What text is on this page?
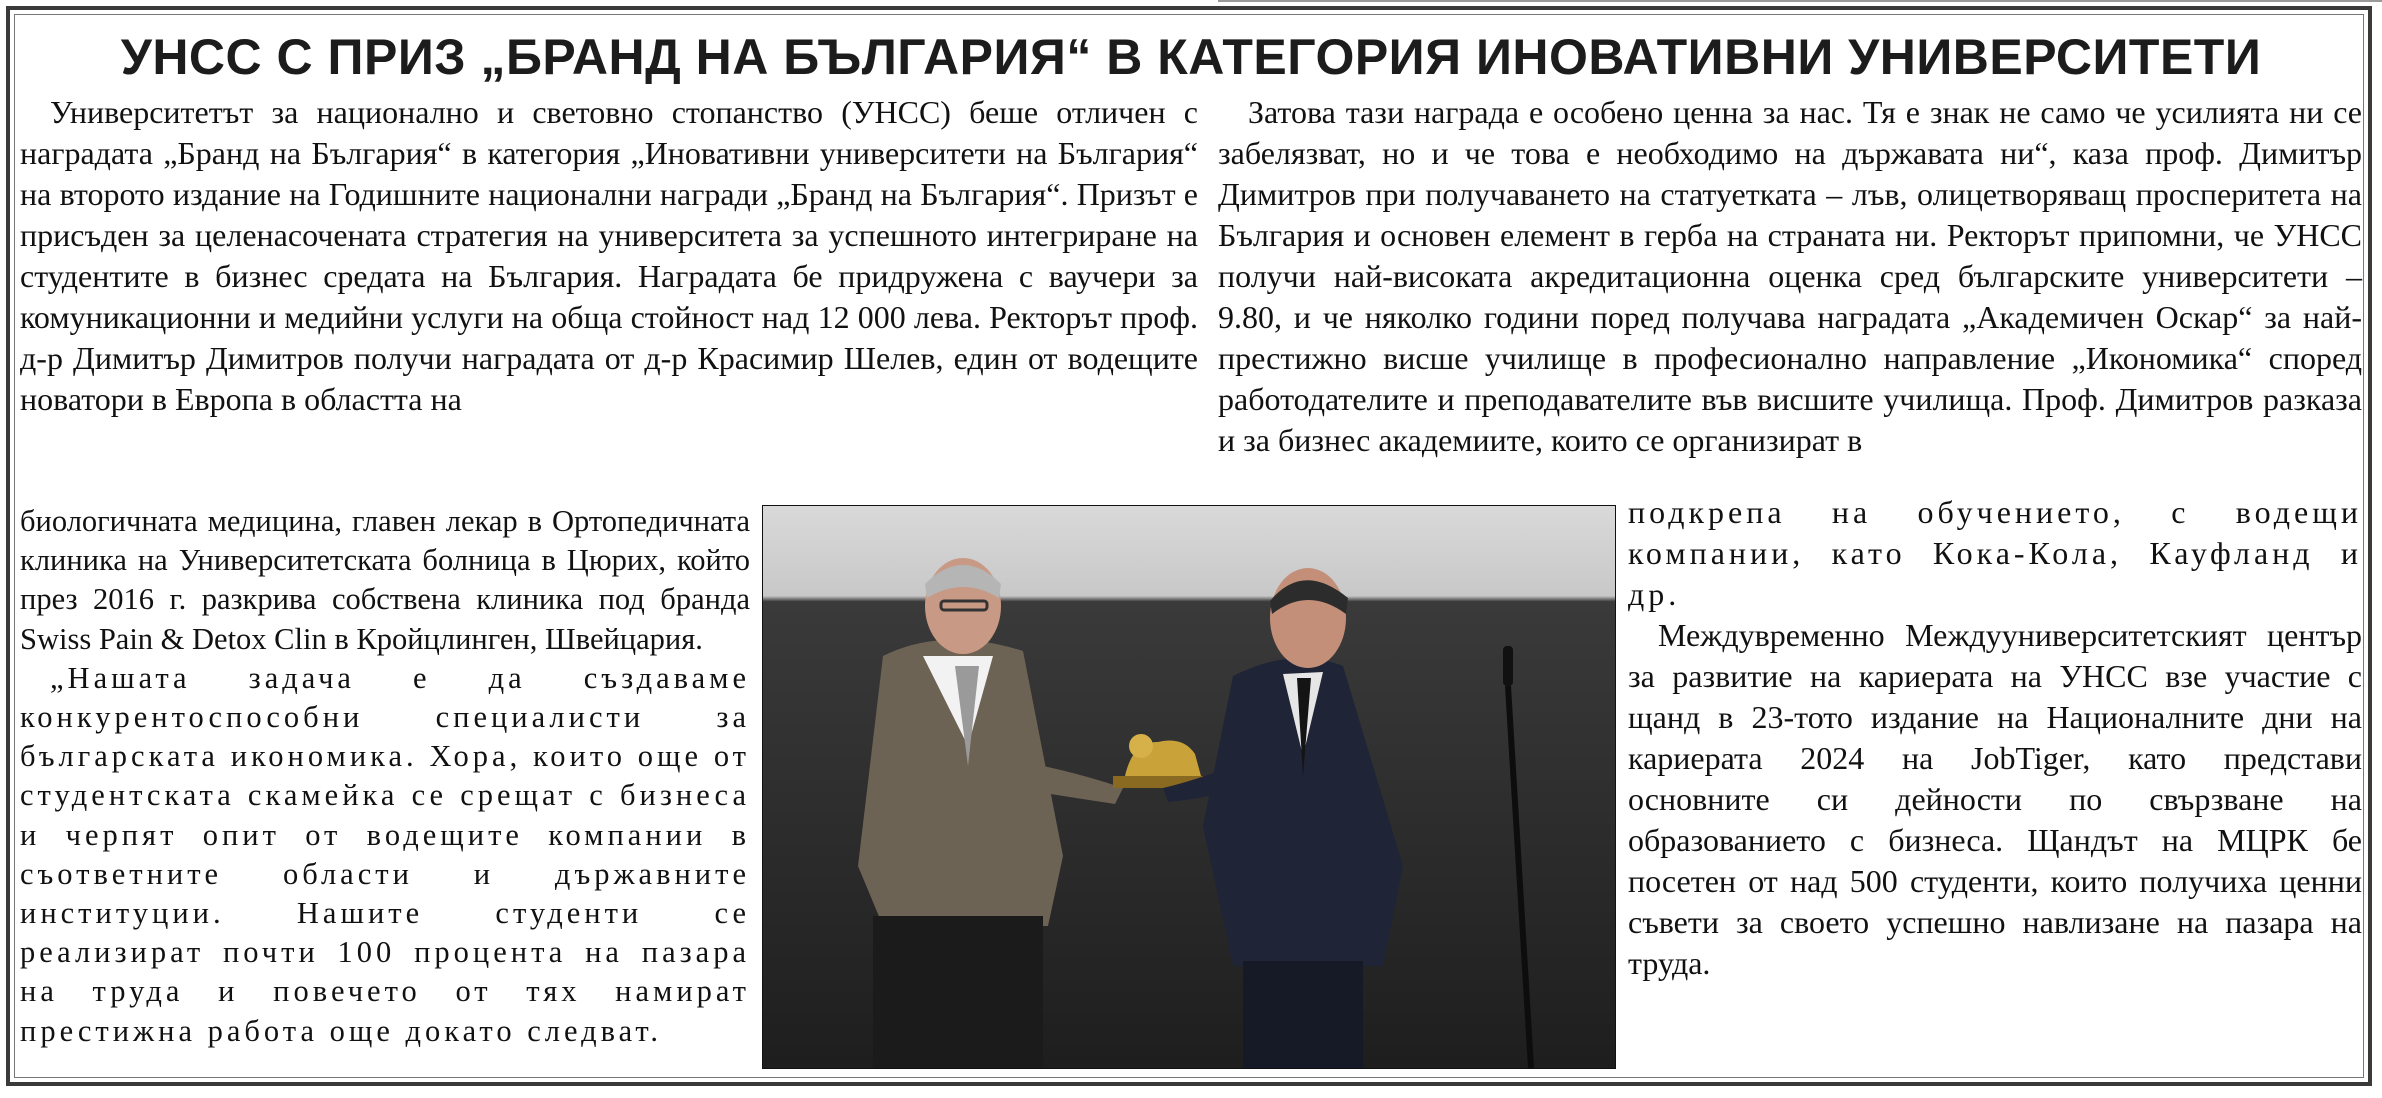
УНСС С ПРИЗ „БРАНД НА БЪЛГАРИЯ“ В КАТЕГОРИЯ ИНОВАТИВНИ УНИВЕРСИТЕТИ

Университетът за национално и световно стопанство (УНСС) беше отличен с наградата „Бранд на България“ в категория „Иновативни университети на България“ на второто издание на Годишните национални награди „Бранд на България“. Призът е присъден за целенасочената стратегия на университета за успешното интегриране на студентите в бизнес средата на България. Наградата бе придружена с ваучери за комуникационни и медийни услуги на обща стойност над 12 000 лева. Ректорът проф. д-р Димитър Димитров получи наградата от д-р Красимир Шелев, един от водещите новатори в Европа в областта на

биологичната медицина, главен лекар в Ортопедичната клиника на Университетската болница в Цюрих, който през 2016 г. разкрива собствена клиника под бранда Swiss Pain & Detox Clin в Кройцлинген, Швейцария.

„Нашата задача е да създаваме конкурентоспособни специалисти за българската икономика. Хора, които още от студентската скамейка се срещат с бизнеса и черпят опит от водещите компании в съответните области и държавните институции. Нашите студенти се реализират почти 100 процента на пазара на труда и повечето от тях намират престижна работа още докато следват.

Затова тази награда е особено ценна за нас. Тя е знак не само че усилията ни се забелязват, но и че това е необходимо на държавата ни“, каза проф. Димитър Димитров при получаването на статуетката – лъв, олицетворяващ просперитета на България и основен елемент в герба на страната ни. Ректорът припомни, че УНСС получи най-високата акредитационна оценка сред българските университети – 9.80, и че няколко години поред получава наградата „Академичен Оскар“ за най-престижно висше училище в професионално направление „Икономика“ според работодателите и преподавателите във висшите училища. Проф. Димитров разказа и за бизнес академиите, които се организират в

подкрепа на обучението, с водещи компании, като Кока-Кола, Кауфланд и др.

Междувременно Междууниверситетският център за развитие на кариерата на УНСС взе участие с щанд в 23-тото издание на Националните дни на кариерата 2024 на JobTiger, като представи основните си дейности по свързване на образованието с бизнеса. Щандът на МЦРК бе посетен от над 500 студенти, които получиха ценни съвети за своето успешно навлизане на пазара на труда.
